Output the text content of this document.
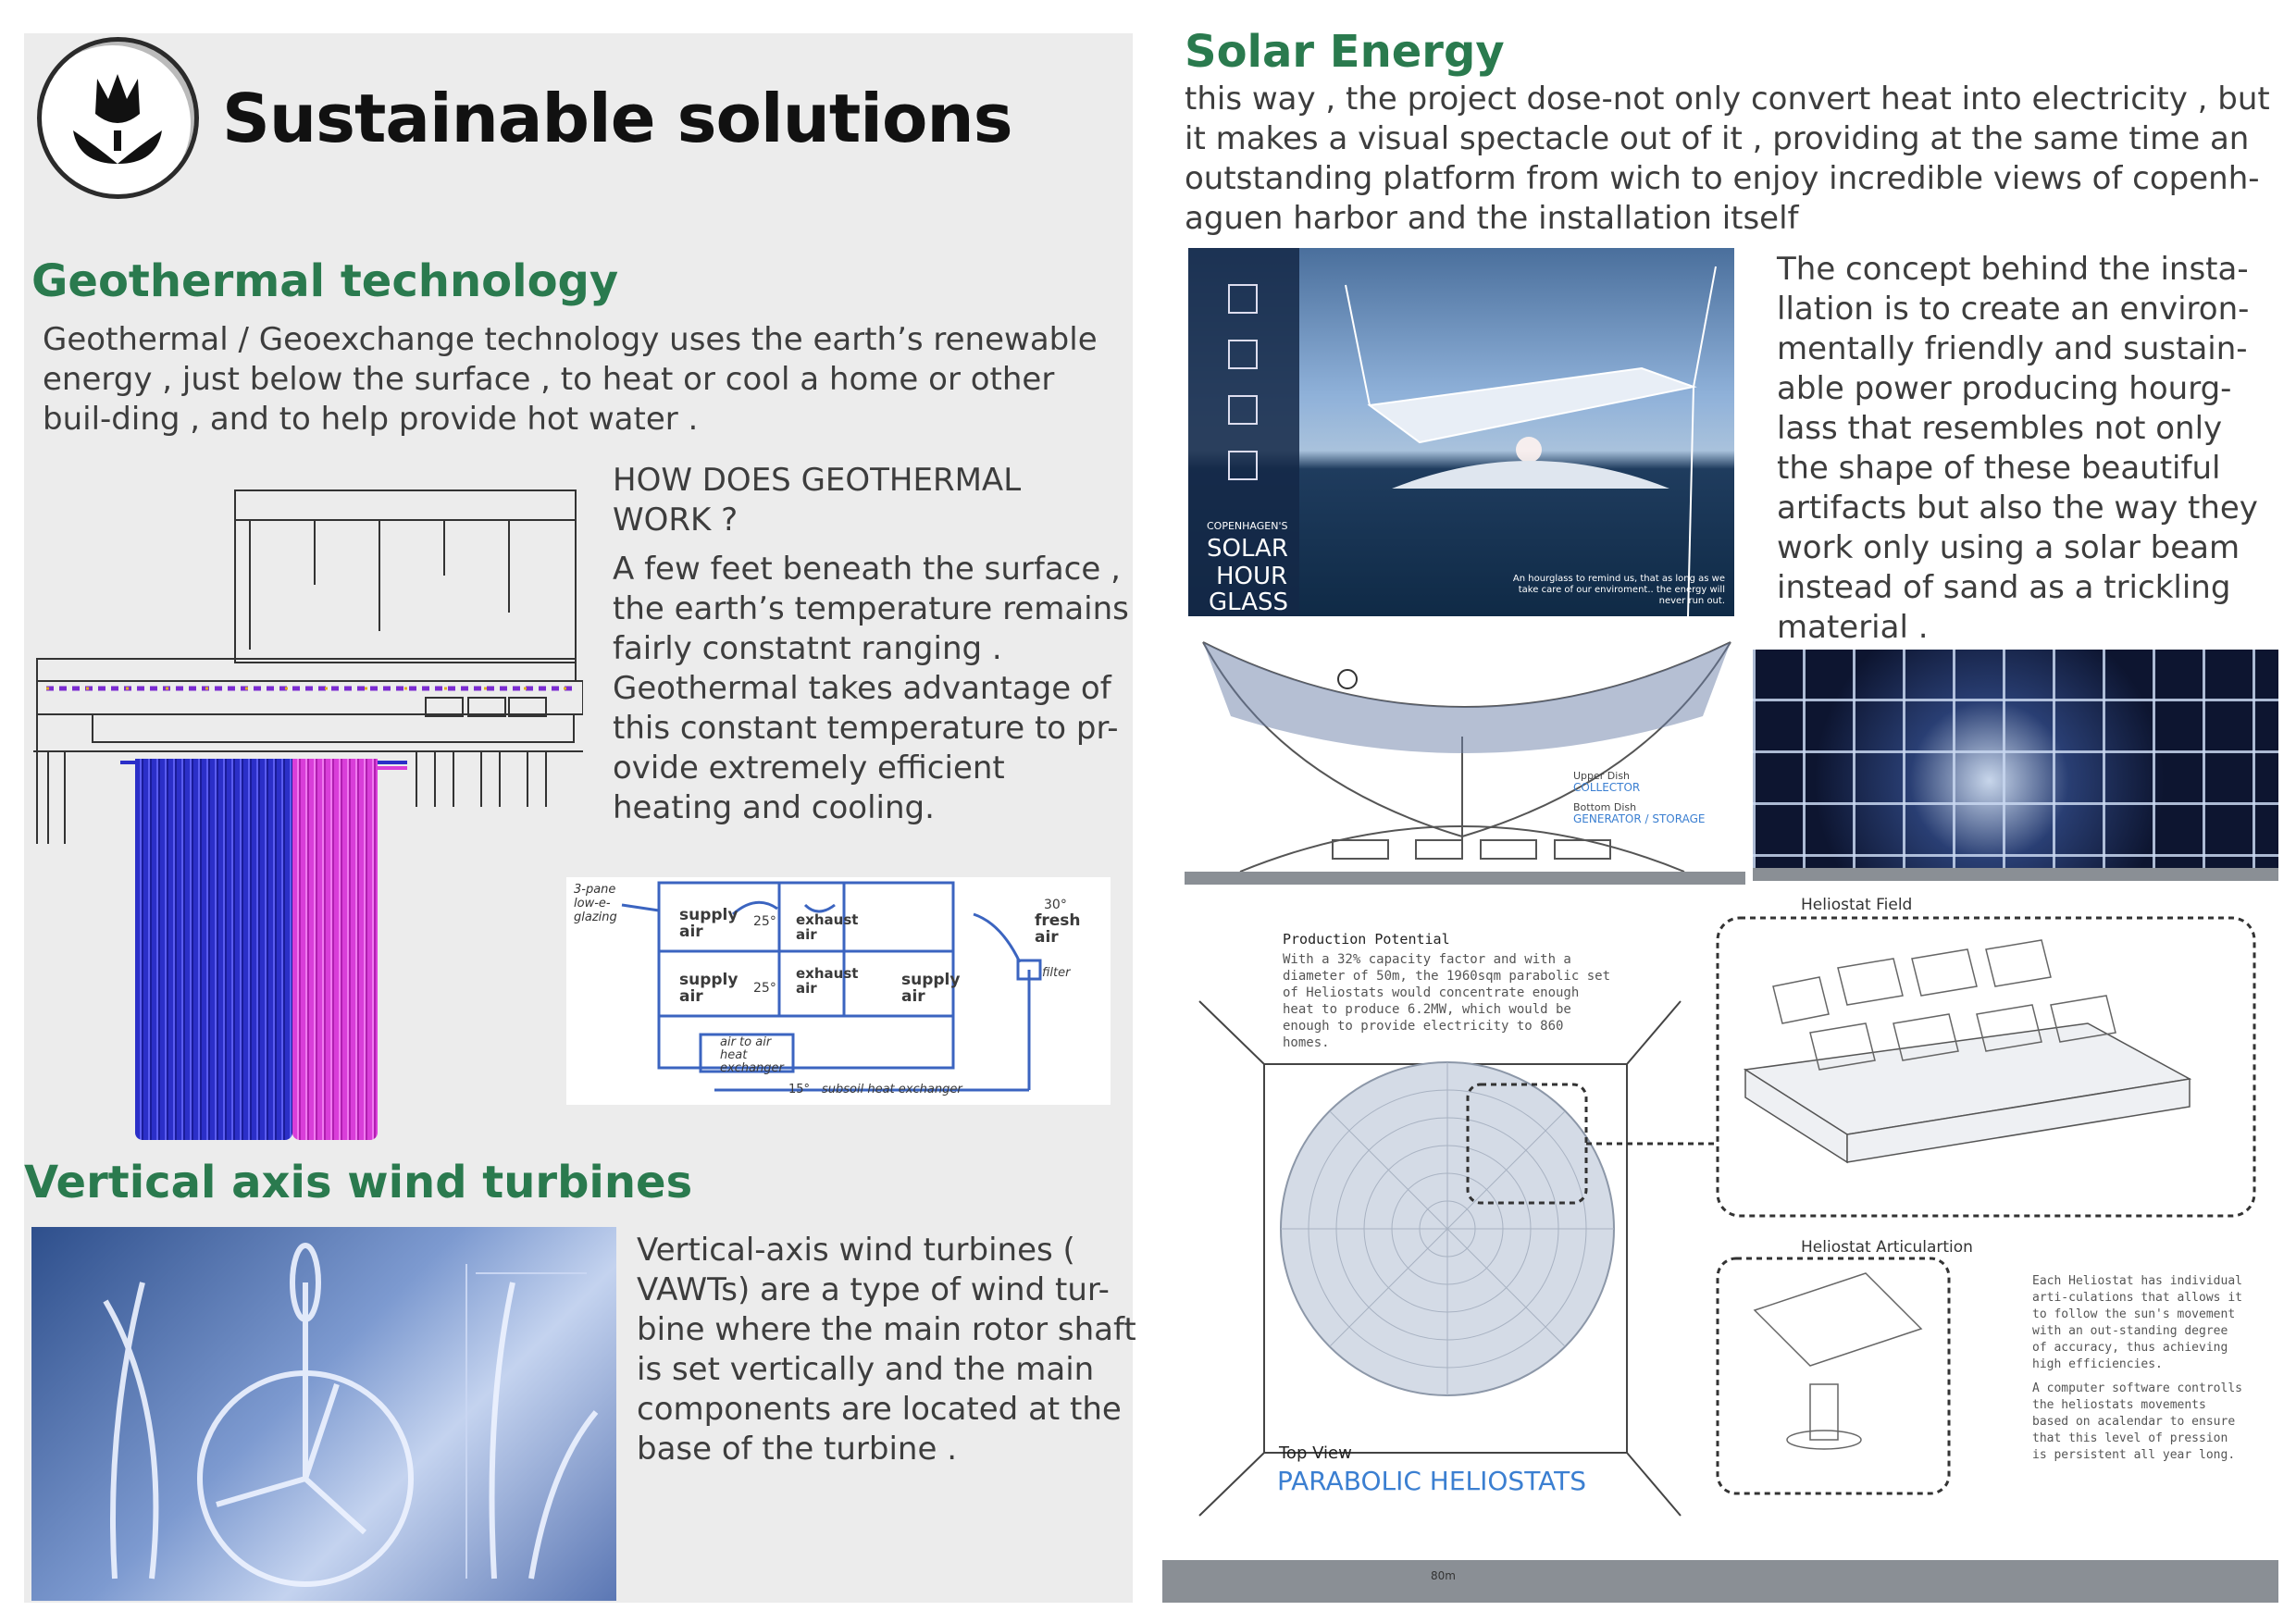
Sustainable solutions
Geothermal technology
Geothermal / Geoexchange technology uses the earth’s renewable energy , just below the surface , to heat or cool a home or other buil-ding , and to help provide hot water .
HOW DOES GEOTHERMAL WORK ?
A few feet beneath the surface , the earth’s temperature remains fairly constatnt ranging . Geothermal takes advantage of this constant temperature to pr-ovide extremely efficient heating and cooling.
3-pane low-e-glazing	supply air
25° exhaust air
supply air	25°
exhaust air	supply air
30°
fresh air
filter
air to air heat exchanger
15° subsoil heat exchanger
Vertical axis wind turbines
Vertical-axis wind turbines ( VAWTs) are a type of wind tur-bine where the main rotor shaft is set vertically and the main components are located at the base of the turbine .
Solar Energy
this way , the project dose-not only convert heat into electricity , but it makes a visual spectacle out of it , providing at the same time an outstanding platform from wich to enjoy incredible views of copenh-aguen harbor and the installation itself
COPENHAGEN'S
SOLAR
HOUR
GLASS
An hourglass to remind us, that as long as we take care of our enviroment.. the energy will never run out.
The concept behind the insta-llation is to create an environ-mentally friendly and sustain-able power producing hourg-lass that resembles not only the shape of these beautiful artifacts but also the way they work only using a solar beam instead of sand as a trickling material .
Upper Dish
COLLECTOR
Bottom Dish
GENERATOR / STORAGE
80m
Production Potential
With a 32% capacity factor and with a diameter of 50m, the 1960sqm parabolic set of Heliostats would concentrate enough heat to produce 6.2MW, which would be enough to provide electricity to 860 homes.
Heliostat Field
Heliostat Articulartion
Each Heliostat has individual arti-culations that allows it to follow the sun's movement with an out-standing degree of accuracy, thus achieving high efficiencies.
A computer software controlls the heliostats movements based on acalendar to ensure that this level of pression is persistent all year long.
Top View
PARABOLIC HELIOSTATS
